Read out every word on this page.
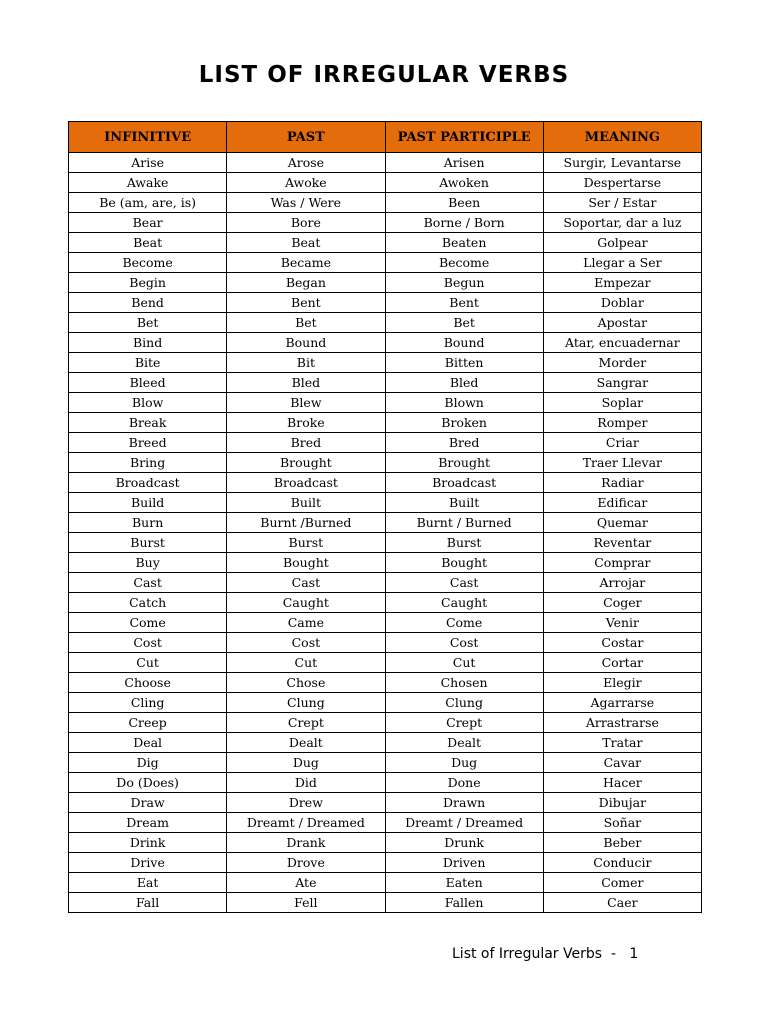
LIST OF IRREGULAR VERBS
INFINITIVE	PAST	PAST PARTICIPLE	MEANING
Arise	Arose	Arisen	Surgir, Levantarse
Awake	Awoke	Awoken	Despertarse
Be (am, are, is)	Was / Were	Been	Ser / Estar
Bear	Bore	Borne / Born	Soportar, dar a luz
Beat	Beat	Beaten	Golpear
Become	Became	Become	Llegar a Ser
Begin	Began	Begun	Empezar
Bend	Bent	Bent	Doblar
Bet	Bet	Bet	Apostar
Bind	Bound	Bound	Atar, encuadernar
Bite	Bit	Bitten	Morder
Bleed	Bled	Bled	Sangrar
Blow	Blew	Blown	Soplar
Break	Broke	Broken	Romper
Breed	Bred	Bred	Criar
Bring	Brought	Brought	Traer Llevar
Broadcast	Broadcast	Broadcast	Radiar
Build	Built	Built	Edificar
Burn	Burnt /Burned	Burnt / Burned	Quemar
Burst	Burst	Burst	Reventar
Buy	Bought	Bought	Comprar
Cast	Cast	Cast	Arrojar
Catch	Caught	Caught	Coger
Come	Came	Come	Venir
Cost	Cost	Cost	Costar
Cut	Cut	Cut	Cortar
Choose	Chose	Chosen	Elegir
Cling	Clung	Clung	Agarrarse
Creep	Crept	Crept	Arrastrarse
Deal	Dealt	Dealt	Tratar
Dig	Dug	Dug	Cavar
Do (Does)	Did	Done	Hacer
Draw	Drew	Drawn	Dibujar
Dream	Dreamt / Dreamed	Dreamt / Dreamed	Soñar
Drink	Drank	Drunk	Beber
Drive	Drove	Driven	Conducir
Eat	Ate	Eaten	Comer
Fall	Fell	Fallen	Caer
List of Irregular Verbs  -   1
